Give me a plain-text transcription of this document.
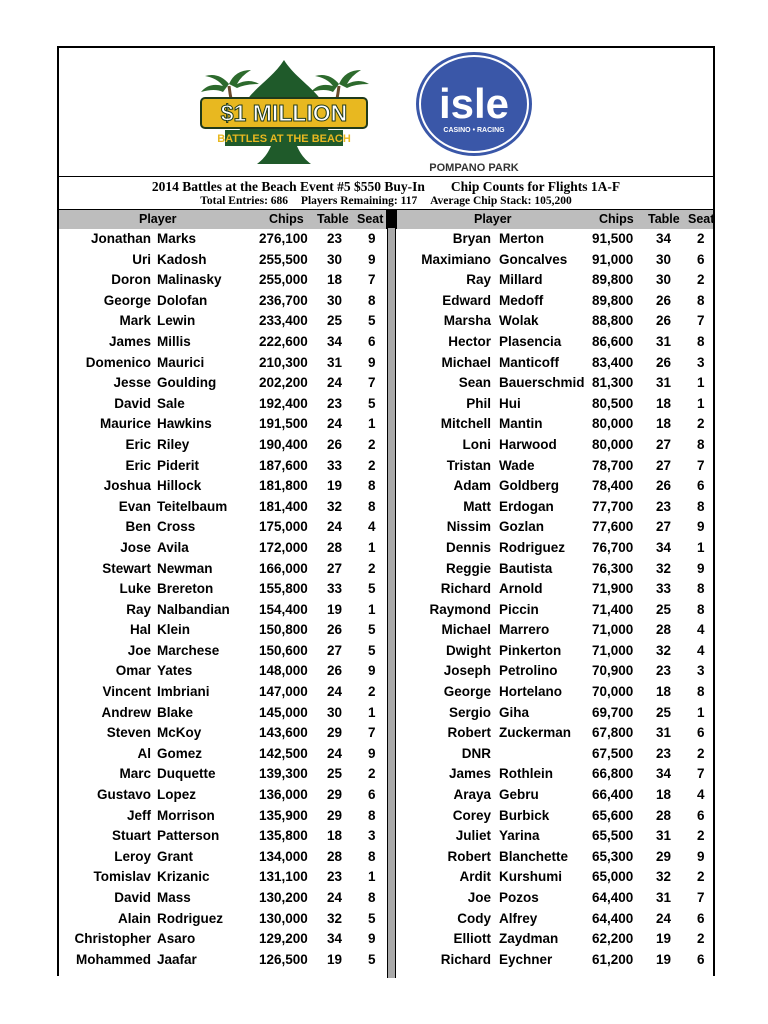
$1 MILLION
BATTLES AT THE BEACH
isle
CASINO • RACING
POMPANO PARK
2014 Battles at the Beach Event #5 $550 Buy-In Chip Counts for Flights 1A-F
Total Entries: 686 Players Remaining: 117 Average Chip Stack: 105,200
Player	Chips Table Seat	Player	Chips Table Seat
Jonathan Marks	276,100 23 9	Bryan Merton	91,500 34 2
Uri Kadosh	255,500 30 9	Maximiano Goncalves 91,000 30 6
Doron Malinasky	255,000 18 7	Ray Millard	89,800 30 2
George Dolofan	236,700 30 8	Edward Medoff	89,800 26 8
Mark Lewin	233,400 25 5	Marsha Wolak	88,800 26 7
James Millis	222,600 34 6	Hector Plasencia 86,600 31 8
Domenico Maurici	210,300 31 9	Michael Manticoff 83,400 26 3
Jesse Goulding	202,200 24 7	Sean Bauerschmid 81,300 31 1
David Sale	192,400 23 5	Phil Hui	80,500 18 1
Maurice Hawkins	191,500 24 1	Mitchell Mantin	80,000 18 2
Eric Riley	190,400 26 2	Loni Harwood	80,000 27 8
Eric Piderit	187,600 33 2	Tristan Wade	78,700 27 7
Joshua Hillock	181,800 19 8	Adam Goldberg 78,400 26 6
Evan Teitelbaum 181,400 32 8	Matt Erdogan	77,700 23 8
Ben Cross	175,000 24 4	Nissim Gozlan	77,600 27 9
Jose Avila	172,000 28 1	Dennis Rodriguez 76,700 34 1
Stewart Newman	166,000 27 2	Reggie Bautista	76,300 32 9
Luke Brereton	155,800 33 5	Richard Arnold	71,900 33 8
Ray Nalbandian 154,400 19 1	Raymond Piccin	71,400 25 8
Hal Klein	150,800 26 5	Michael Marrero	71,000 28 4
Joe Marchese	150,600 27 5	Dwight Pinkerton 71,000 32 4
Omar Yates	148,000 26 9	Joseph Petrolino	70,900 23 3
Vincent Imbriani	147,000 24 2	George Hortelano 70,000 18 8
Andrew Blake	145,000 30 1	Sergio Giha	69,700 25 1
Steven McKoy	143,600 29 7	Robert Zuckerman 67,800 31 6
Al Gomez	142,500 24 9	DNR	67,500 23 2
Marc Duquette	139,300 25 2	James Rothlein	66,800 34 7
Gustavo Lopez	136,000 29 6	Araya Gebru	66,400 18 4
Jeff Morrison	135,900 29 8	Corey Burbick	65,600 28 6
Stuart Patterson	135,800 18 3	Juliet Yarina	65,500 31 2
Leroy Grant	134,000 28 8	Robert Blanchette 65,300 29 9
Tomislav Krizanic	131,100 23 1	Ardit Kurshumi 65,000 32 2
David Mass	130,200 24 8	Joe Pozos	64,400 31 7
Alain Rodriguez	130,000 32 5	Cody Alfrey	64,400 24 6
Christopher Asaro	129,200 34 9	Elliott Zaydman 62,200 19 2
Mohammed Jaafar	126,500 19 5	Richard Eychner	61,200 19 6
